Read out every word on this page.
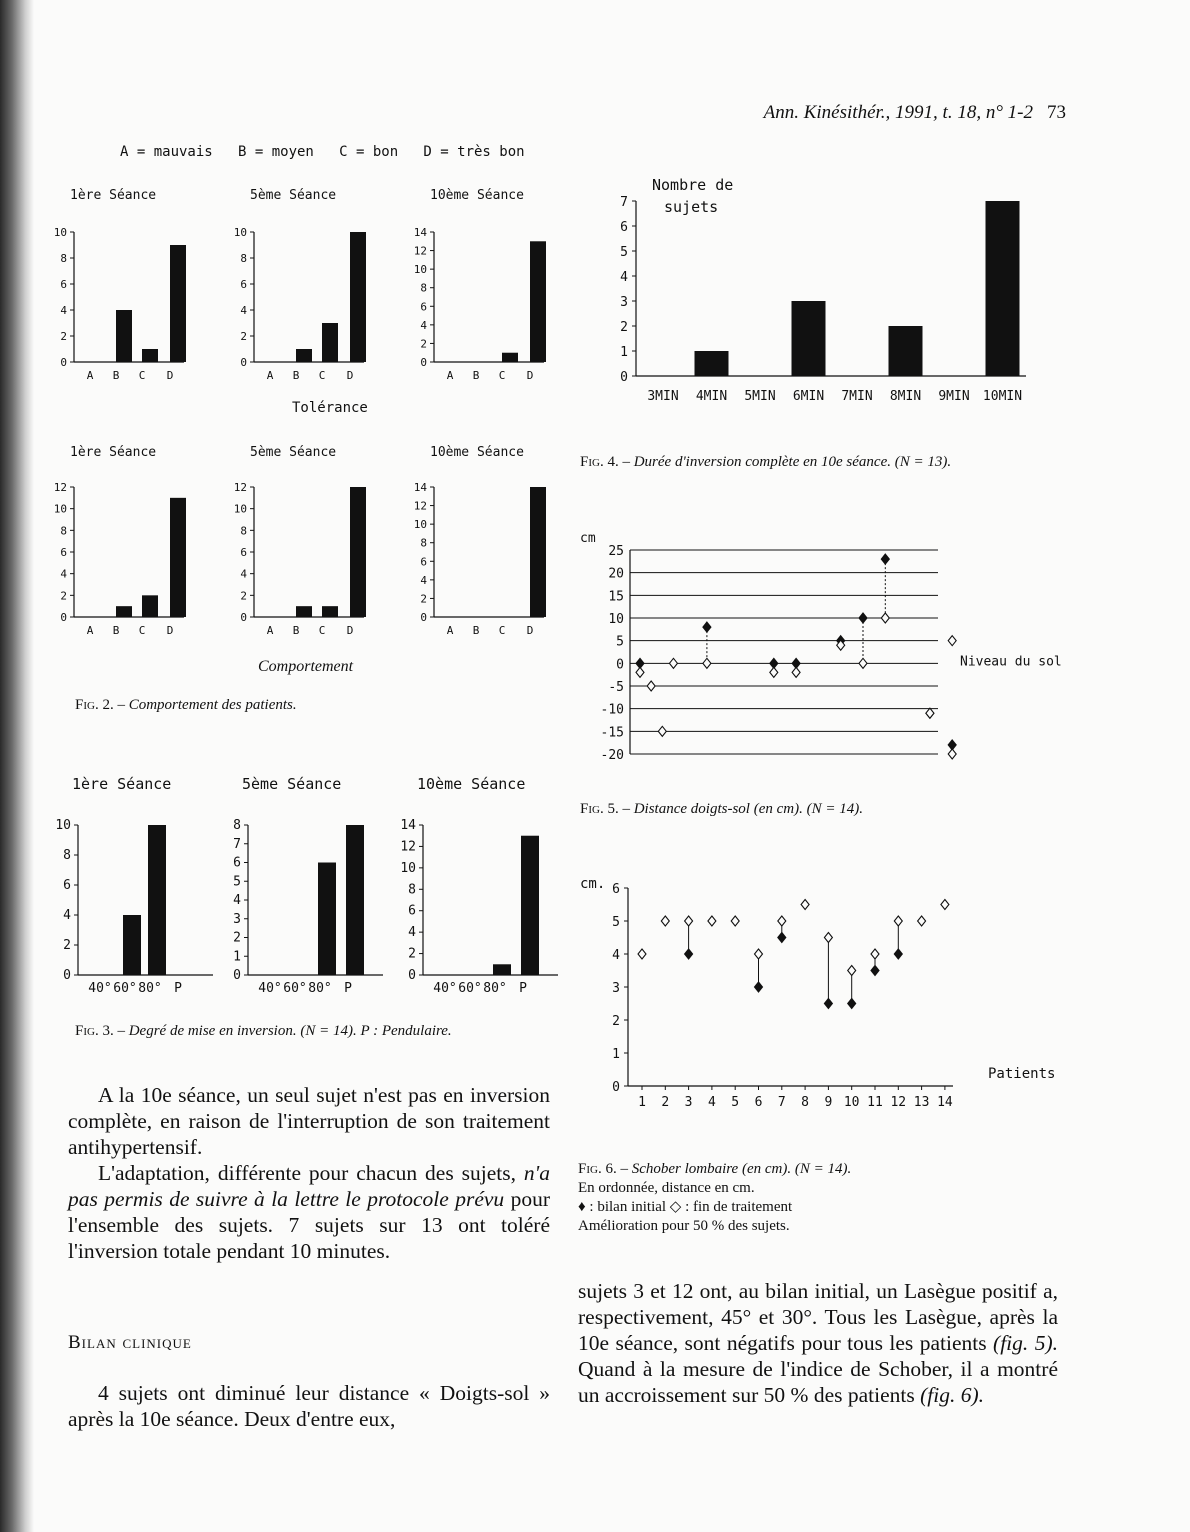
Ann. Kinésithér., 1991, t. 18, n° 1-2 73
A = mauvais   B = moyen   C = bon   D = très bon
1ère Séance
0
2
4
6
8
10
A B C D
5ème Séance
0
2
4
6
8
10
A B C D
10ème Séance
0
2
4
6
8
10
12
14
A B C D
Tolérance
1ère Séance
0
2
4
6
8
10
12
A B C D
5ème Séance
0
2
4
6
8
10
12
A B C D
10ème Séance
0
2
4
6
8
10
12
14
A B C D
Comportement
Fig. 2. – Comportement des patients.
1ère Séance
0
2
4
6
8
10
40° 60° 80° P
5ème Séance
0
1
2
3
4
5
6
7
8
40° 60° 80° P
10ème Séance
0
2
4
6
8
10
12
14
40° 60° 80° P
Fig. 3. – Degré de mise en inversion. (N = 14). P : Pendulaire.
Nombre de
sujets
0
1
2
3
4
5
6
7
3MIN 4MIN 5MIN 6MIN 7MIN 8MIN 9MIN 10MIN
Fig. 4. – Durée d'inversion complète en 10e séance. (N = 13).
cm
25
20
15
10
5
0
-5
-10
-15
-20
Niveau du sol
Fig. 5. – Distance doigts-sol (en cm). (N = 14).
cm.
0
1
2
3
4
5
6
Patients
1 2 3 4 5 6 7 8 9 10 11 12 13 14
Fig. 6. – Schober lombaire (en cm). (N = 14).
En ordonnée, distance en cm.
♦ : bilan initial ◇ : fin de traitement
Amélioration pour 50 % des sujets.

A la 10e séance, un seul sujet n'est pas en inversion complète, en raison de l'interruption de son traitement antihypertensif.

L'adaptation, différente pour chacun des sujets, n'a pas permis de suivre à la lettre le protocole prévu pour l'ensemble des sujets. 7 sujets sur 13 ont toléré l'inversion totale pendant 10 minutes.

Bilan clinique

4 sujets ont diminué leur distance « Doigts-sol » après la 10e séance. Deux d'entre eux,

sujets 3 et 12 ont, au bilan initial, un Lasègue positif a, respectivement, 45° et 30°. Tous les Lasègue, après la 10e séance, sont négatifs pour tous les patients (fig. 5). Quand à la mesure de l'indice de Schober, il a montré un accroissement sur 50 % des patients (fig. 6).
